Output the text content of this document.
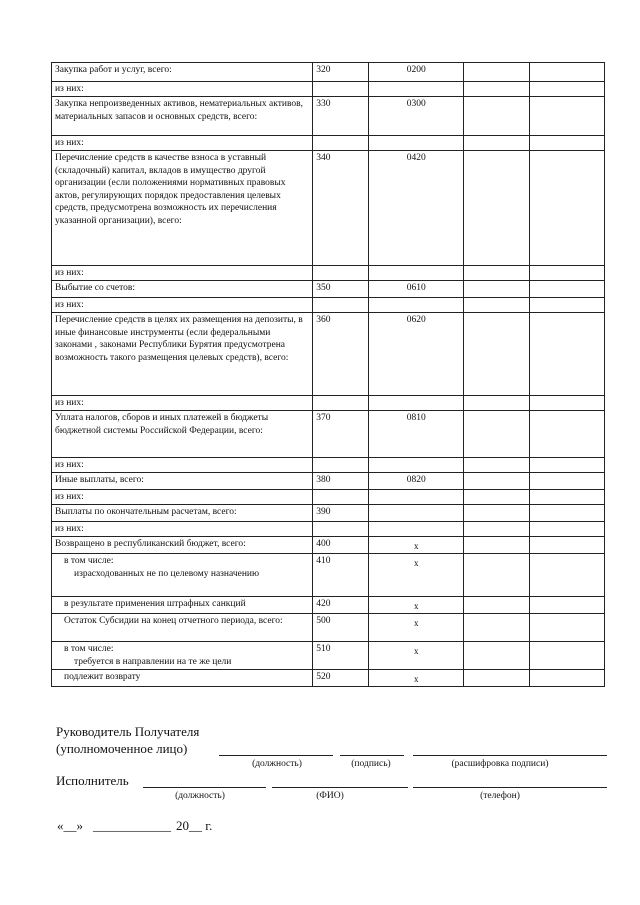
Закупка работ и услуг, всего:	320	0200		

из них:				

Закупка непроизведенных активов, нематериальных активов, материальных запасов и основных средств, всего:	330	0300		

из них:				

Перечисление средств в качестве взноса в уставный (складочный) капитал, вкладов в имущество другой организации (если положениями нормативных правовых актов, регулирующих порядок предоставления целевых средств, предусмотрена возможность их перечисления указанной организации), всего:	340	0420		

из них:				

Выбытие со счетов:	350	0610		

из них:				

Перечисление средств в целях их размещения на депозиты, в иные финансовые инструменты (если федеральными законами , законами Республики Бурятия предусмотрена возможность такого размещения целевых средств), всего:	360	0620		

из них:				

Уплата налогов, сборов и иных платежей в бюджеты бюджетной системы Российской Федерации, всего:	370	0810		

из них:				

Иные выплаты, всего:	380	0820		

из них:				

Выплаты по окончательным расчетам, всего:	390			

из них:				

Возвращено в республиканский бюджет, всего:	400	x		

в том числе:
израсходованных не по целевому назначению	410	x		

в результате применения штрафных санкций	420	x		

Остаток Субсидии на конец отчетного периода, всего:	500	x		

в том числе:
требуется в направлении на те же цели	510	x		

подлежит возврату	520	x		
Руководитель Получателя
(уполномоченное лицо)
(должность)	(подпись)	(расшифровка подписи)
Исполнитель
(должность)	(ФИО)	(телефон)
«__» ____________ 20__ г.
